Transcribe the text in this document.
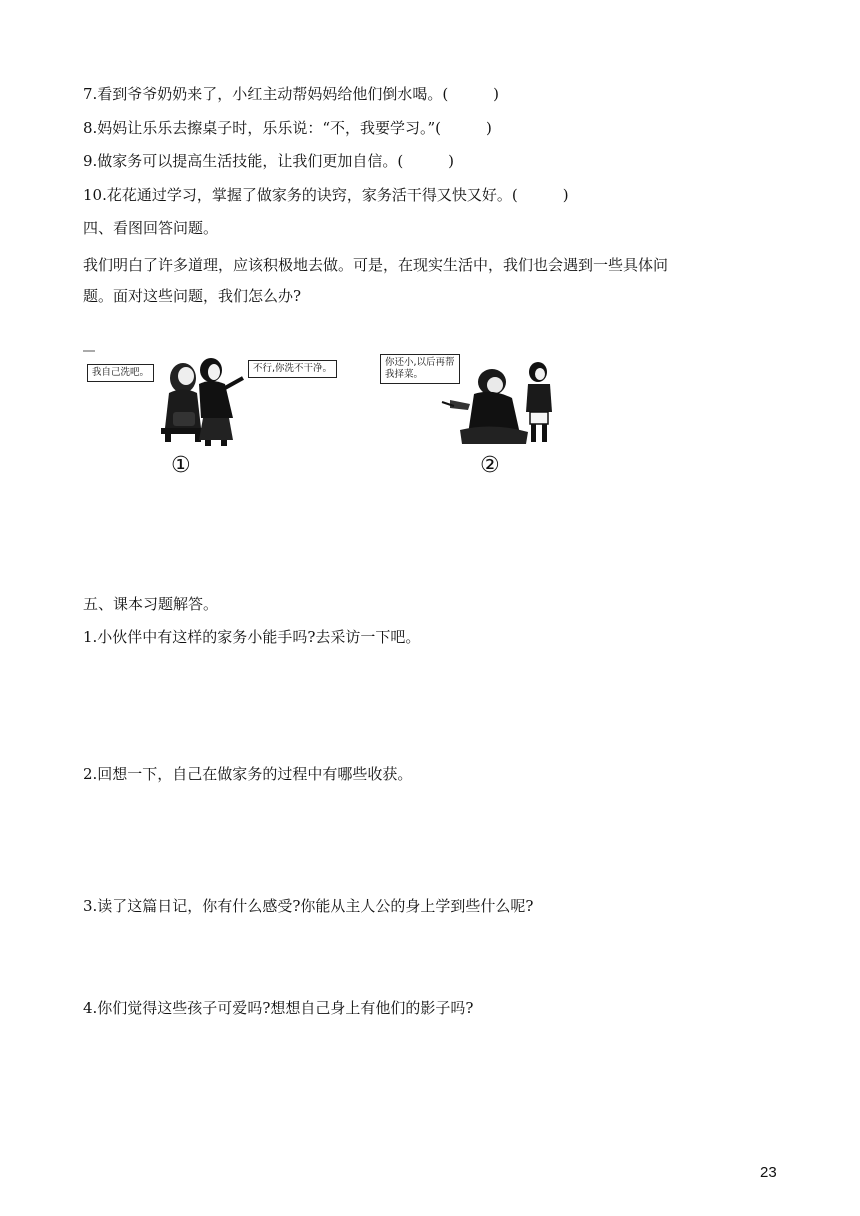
7.看到爷爷奶奶来了，小红主动帮妈妈给他们倒水喝。(　　　)
8.妈妈让乐乐去擦桌子时，乐乐说：“不，我要学习。”(　　　)
9.做家务可以提高生活技能，让我们更加自信。(　　　)
10.花花通过学习，掌握了做家务的诀窍，家务活干得又快又好。(　　　)
四、看图回答问题。
我们明白了许多道理，应该积极地去做。可是，在现实生活中，我们也会遇到一些具体问
题。面对这些问题，我们怎么办?
我自己洗吧。	不行,你洗不干净。
①
你还小,以后再帮
我择菜。
②
五、课本习题解答。
1.小伙伴中有这样的家务小能手吗?去采访一下吧。
2.回想一下，自己在做家务的过程中有哪些收获。
3.读了这篇日记，你有什么感受?你能从主人公的身上学到些什么呢?
4.你们觉得这些孩子可爱吗?想想自己身上有他们的影子吗?
23
